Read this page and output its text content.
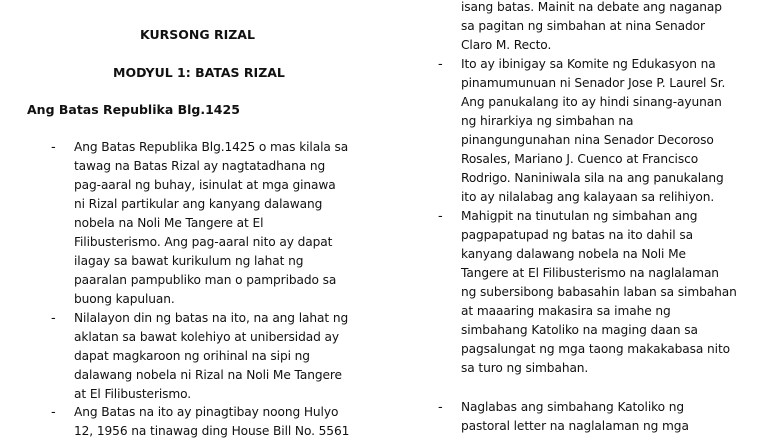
KURSONG RIZAL
MODYUL 1: BATAS RIZAL
Ang Batas Republika Blg.1425
- Ang Batas Republika Blg.1425 o mas kilala sa
tawag na Batas Rizal ay nagtatadhana ng
pag-aaral ng buhay, isinulat at mga ginawa
ni Rizal partikular ang kanyang dalawang
nobela na Noli Me Tangere at El
Filibusterismo. Ang pag-aaral nito ay dapat
ilagay sa bawat kurikulum ng lahat ng
paaralan pampubliko man o pampribado sa
buong kapuluan.
- Nilalayon din ng batas na ito, na ang lahat ng
aklatan sa bawat kolehiyo at unibersidad ay
dapat magkaroon ng orihinal na sipi ng
dalawang nobela ni Rizal na Noli Me Tangere
at El Filibusterismo.
- Ang Batas na ito ay pinagtibay noong Hulyo
12, 1956 na tinawag ding House Bill No. 5561
isang batas. Mainit na debate ang naganap
sa pagitan ng simbahan at nina Senador
Claro M. Recto.
- Ito ay ibinigay sa Komite ng Edukasyon na
pinamumunuan ni Senador Jose P. Laurel Sr.
Ang panukalang ito ay hindi sinang-ayunan
ng hirarkiya ng simbahan na
pinangungunahan nina Senador Decoroso
Rosales, Mariano J. Cuenco at Francisco
Rodrigo. Naniniwala sila na ang panukalang
ito ay nilalabag ang kalayaan sa relihiyon.
- Mahigpit na tinutulan ng simbahan ang
pagpapatupad ng batas na ito dahil sa
kanyang dalawang nobela na Noli Me
Tangere at El Filibusterismo na naglalaman
ng subersibong babasahin laban sa simbahan
at maaaring makasira sa imahe ng
simbahang Katoliko na maging daan sa
pagsalungat ng mga taong makakabasa nito
sa turo ng simbahan.
- Naglabas ang simbahang Katoliko ng
pastoral letter na naglalaman ng mga
